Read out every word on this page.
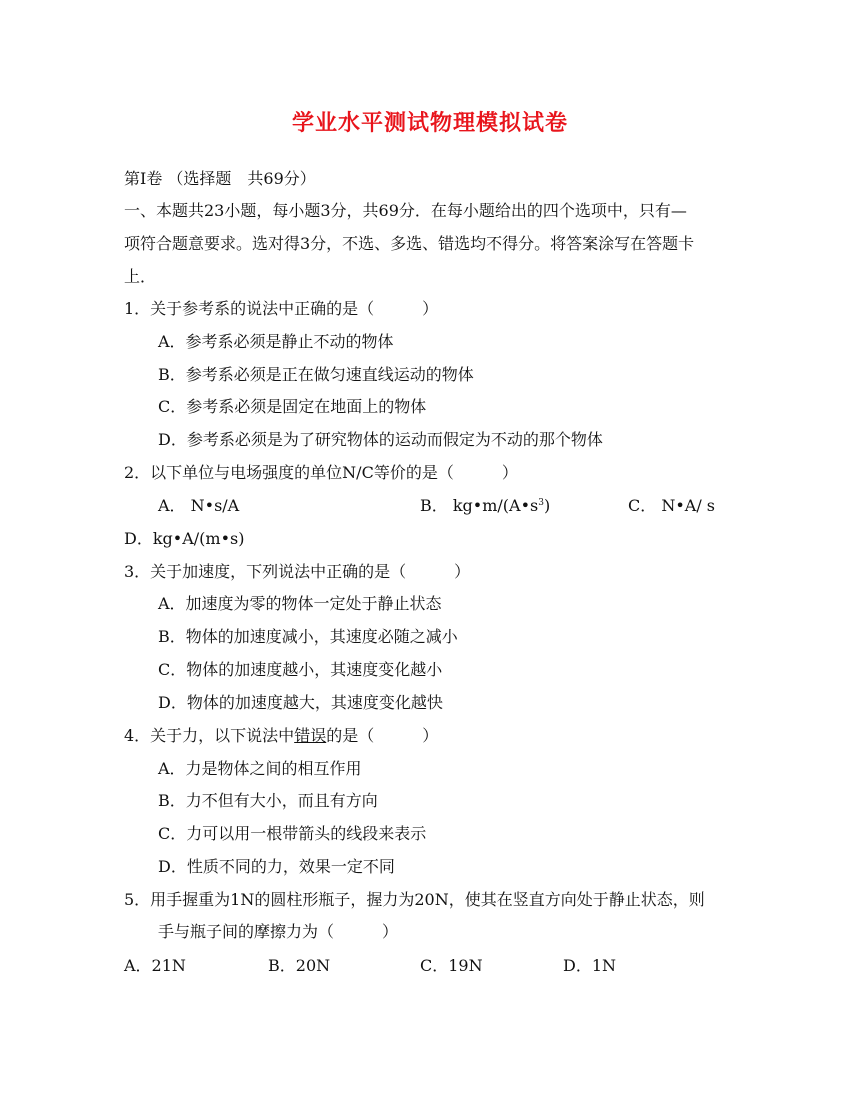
学业水平测试物理模拟试卷
第Ⅰ卷 （选择题　共69分）
一、本题共23小题，每小题3分，共69分．在每小题给出的四个选项中，只有—
项符合题意要求。选对得3分，不选、多选、错选均不得分。将答案涂写在答题卡
上．
1．关于参考系的说法中正确的是（　　　）
A．参考系必须是静止不动的物体
B．参考系必须是正在做匀速直线运动的物体
C．参考系必须是固定在地面上的物体
D．参考系必须是为了研究物体的运动而假定为不动的那个物体
2．以下单位与电场强度的单位N/C等价的是（　　　）
A． N•s/A	B． $kg•m/(A•s^3)$	C． N•A/ s
D．kg•A/(m•s)
3．关于加速度，下列说法中正确的是（　　　）
A．加速度为零的物体一定处于静止状态
B．物体的加速度减小，其速度必随之减小
C．物体的加速度越小，其速度变化越小
D．物体的加速度越大，其速度变化越快
4．关于力，以下说法中错误的是（　　　）
A．力是物体之间的相互作用
B．力不但有大小，而且有方向
C．力可以用一根带箭头的线段来表示
D．性质不同的力，效果一定不同
5．用手握重为1N的圆柱形瓶子，握力为20N，使其在竖直方向处于静止状态，则
手与瓶子间的摩擦力为（　　　）
A．21N	B．20N	C．19N	D．1N
